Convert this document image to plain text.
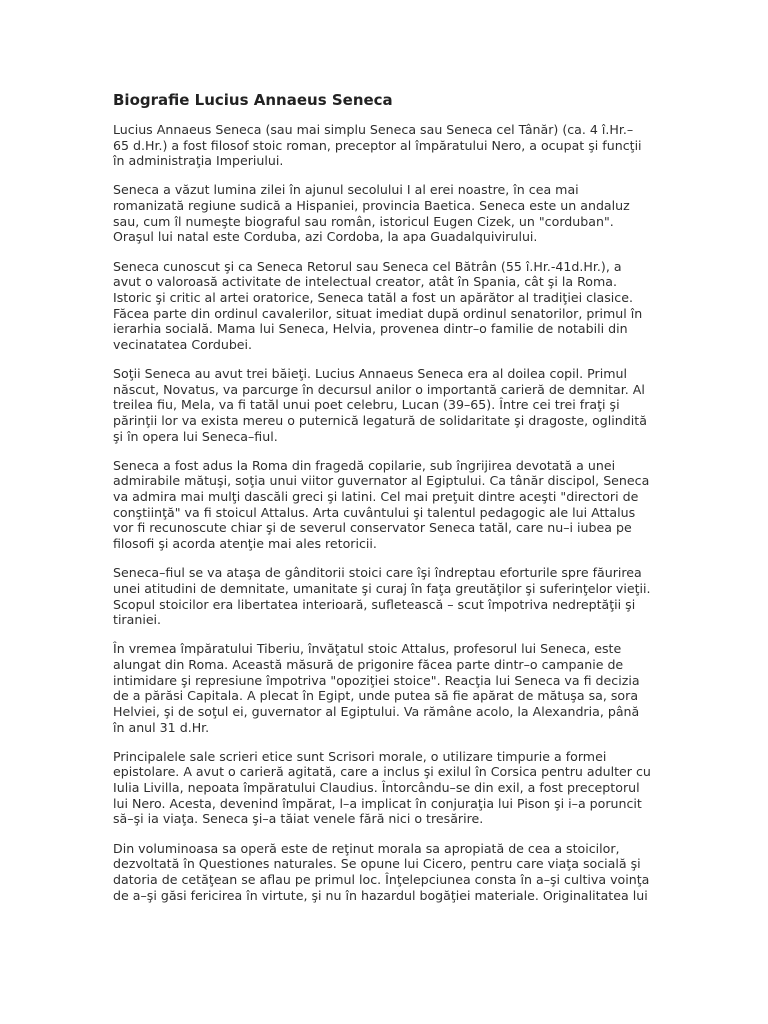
Biografie Lucius Annaeus Seneca

Lucius Annaeus Seneca (sau mai simplu Seneca sau Seneca cel Tânăr) (ca. 4 î.Hr.–
65 d.Hr.) a fost filosof stoic roman, preceptor al împăratului Nero, a ocupat şi funcţii
în administraţia Imperiului.

Seneca a văzut lumina zilei în ajunul secolului I al erei noastre, în cea mai
romanizată regiune sudică a Hispaniei, provincia Baetica. Seneca este un andaluz
sau, cum îl numeşte biograful sau român, istoricul Eugen Cizek, un "corduban".
Oraşul lui natal este Corduba, azi Cordoba, la apa Guadalquivirului.

Seneca cunoscut şi ca Seneca Retorul sau Seneca cel Bătrân (55 î.Hr.-41d.Hr.), a
avut o valoroasă activitate de intelectual creator, atât în Spania, cât şi la Roma.
Istoric şi critic al artei oratorice, Seneca tatăl a fost un apărător al tradiţiei clasice.
Făcea parte din ordinul cavalerilor, situat imediat după ordinul senatorilor, primul în
ierarhia socială. Mama lui Seneca, Helvia, provenea dintr–o familie de notabili din
vecinatatea Cordubei.

Soţii Seneca au avut trei băieţi. Lucius Annaeus Seneca era al doilea copil. Primul
născut, Novatus, va parcurge în decursul anilor o importantă carieră de demnitar. Al
treilea fiu, Mela, va fi tatăl unui poet celebru, Lucan (39–65). Între cei trei fraţi şi
părinţii lor va exista mereu o puternică legatură de solidaritate şi dragoste, oglindită
şi în opera lui Seneca–fiul.

Seneca a fost adus la Roma din fragedă copilarie, sub îngrijirea devotată a unei
admirabile mătuşi, soţia unui viitor guvernator al Egiptului. Ca tânăr discipol, Seneca
va admira mai mulţi dascăli greci şi latini. Cel mai preţuit dintre aceşti "directori de
conştiinţă" va fi stoicul Attalus. Arta cuvântului şi talentul pedagogic ale lui Attalus
vor fi recunoscute chiar şi de severul conservator Seneca tatăl, care nu–i iubea pe
filosofi şi acorda atenţie mai ales retoricii.

Seneca–fiul se va ataşa de gânditorii stoici care îşi îndreptau eforturile spre făurirea
unei atitudini de demnitate, umanitate şi curaj în faţa greutăţilor şi suferinţelor vieţii.
Scopul stoicilor era libertatea interioară, sufletească – scut împotriva nedreptăţii şi
tiraniei.

În vremea împăratului Tiberiu, învăţatul stoic Attalus, profesorul lui Seneca, este
alungat din Roma. Această măsură de prigonire făcea parte dintr–o campanie de
intimidare şi represiune împotriva "opoziţiei stoice". Reacţia lui Seneca va fi decizia
de a părăsi Capitala. A plecat în Egipt, unde putea să fie apărat de mătuşa sa, sora
Helviei, şi de soţul ei, guvernator al Egiptului. Va rămâne acolo, la Alexandria, până
în anul 31 d.Hr.

Principalele sale scrieri etice sunt Scrisori morale, o utilizare timpurie a formei
epistolare. A avut o carieră agitată, care a inclus şi exilul în Corsica pentru adulter cu
Iulia Livilla, nepoata împăratului Claudius. Întorcându–se din exil, a fost preceptorul
lui Nero. Acesta, devenind împărat, l–a implicat în conjuraţia lui Pison şi i–a poruncit
să–şi ia viaţa. Seneca şi–a tăiat venele fără nici o tresărire.

Din voluminoasa sa operă este de reţinut morala sa apropiată de cea a stoicilor,
dezvoltată în Questiones naturales. Se opune lui Cicero, pentru care viaţa socială şi
datoria de cetăţean se aflau pe primul loc. Înţelepciunea consta în a–şi cultiva voinţa
de a–şi găsi fericirea în virtute, şi nu în hazardul bogăţiei materiale. Originalitatea lui
